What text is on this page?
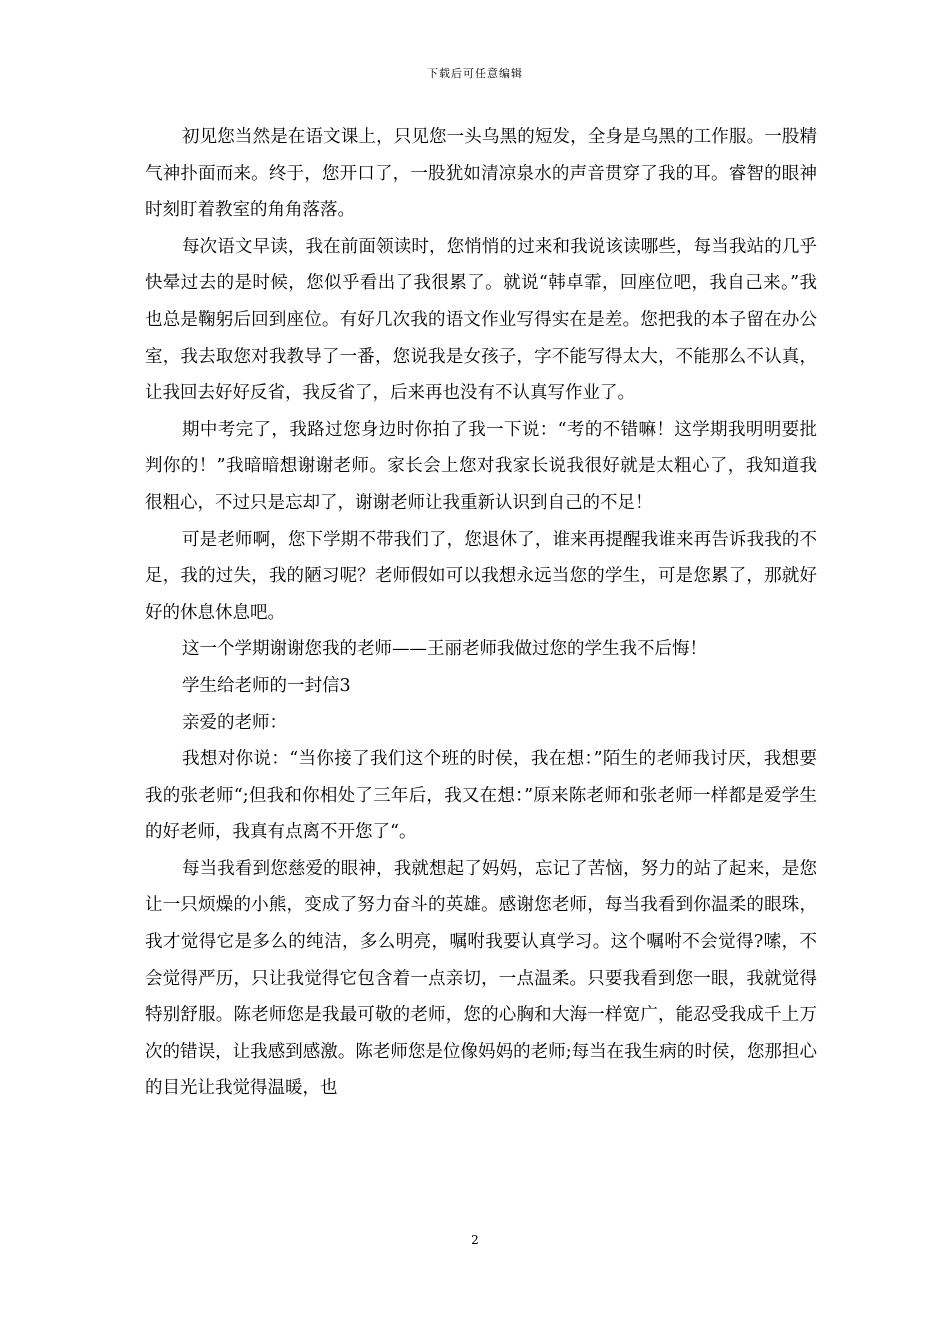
下载后可任意编辑

初见您当然是在语文课上，只见您一头乌黑的短发，全身是乌黑的工作服。一股精气神扑面而来。终于，您开口了，一股犹如清凉泉水的声音贯穿了我的耳。睿智的眼神时刻盯着教室的角角落落。

每次语文早读，我在前面领读时，您悄悄的过来和我说该读哪些，每当我站的几乎快晕过去的是时候，您似乎看出了我很累了。就说“韩卓霏，回座位吧，我自己来。”我也总是鞠躬后回到座位。有好几次我的语文作业写得实在是差。您把我的本子留在办公室，我去取您对我教导了一番，您说我是女孩子，字不能写得太大，不能那么不认真，让我回去好好反省，我反省了，后来再也没有不认真写作业了。

期中考完了，我路过您身边时你拍了我一下说：“考的不错嘛！这学期我明明要批判你的！”我暗暗想谢谢老师。家长会上您对我家长说我很好就是太粗心了，我知道我很粗心，不过只是忘却了，谢谢老师让我重新认识到自己的不足！

可是老师啊，您下学期不带我们了，您退休了，谁来再提醒我谁来再告诉我我的不足，我的过失，我的陋习呢？老师假如可以我想永远当您的学生，可是您累了，那就好好的休息休息吧。

这一个学期谢谢您我的老师——王丽老师我做过您的学生我不后悔！

学生给老师的一封信3

亲爱的老师：

我想对你说：“当你接了我们这个班的时侯，我在想：”陌生的老师我讨厌，我想要我的张老师“;但我和你相处了三年后，我又在想：”原来陈老师和张老师一样都是爱学生的好老师，我真有点离不开您了“。

每当我看到您慈爱的眼神，我就想起了妈妈，忘记了苦恼，努力的站了起来，是您让一只烦燥的小熊，变成了努力奋斗的英雄。感谢您老师，每当我看到你温柔的眼珠，我才觉得它是多么的纯洁，多么明亮，嘱咐我要认真学习。这个嘱咐不会觉得?嗦，不会觉得严历，只让我觉得它包含着一点亲切，一点温柔。只要我看到您一眼，我就觉得特别舒服。陈老师您是我最可敬的老师，您的心胸和大海一样宽广，能忍受我成千上万次的错误，让我感到感激。陈老师您是位像妈妈的老师;每当在我生病的时侯，您那担心的目光让我觉得温暖，也

2
